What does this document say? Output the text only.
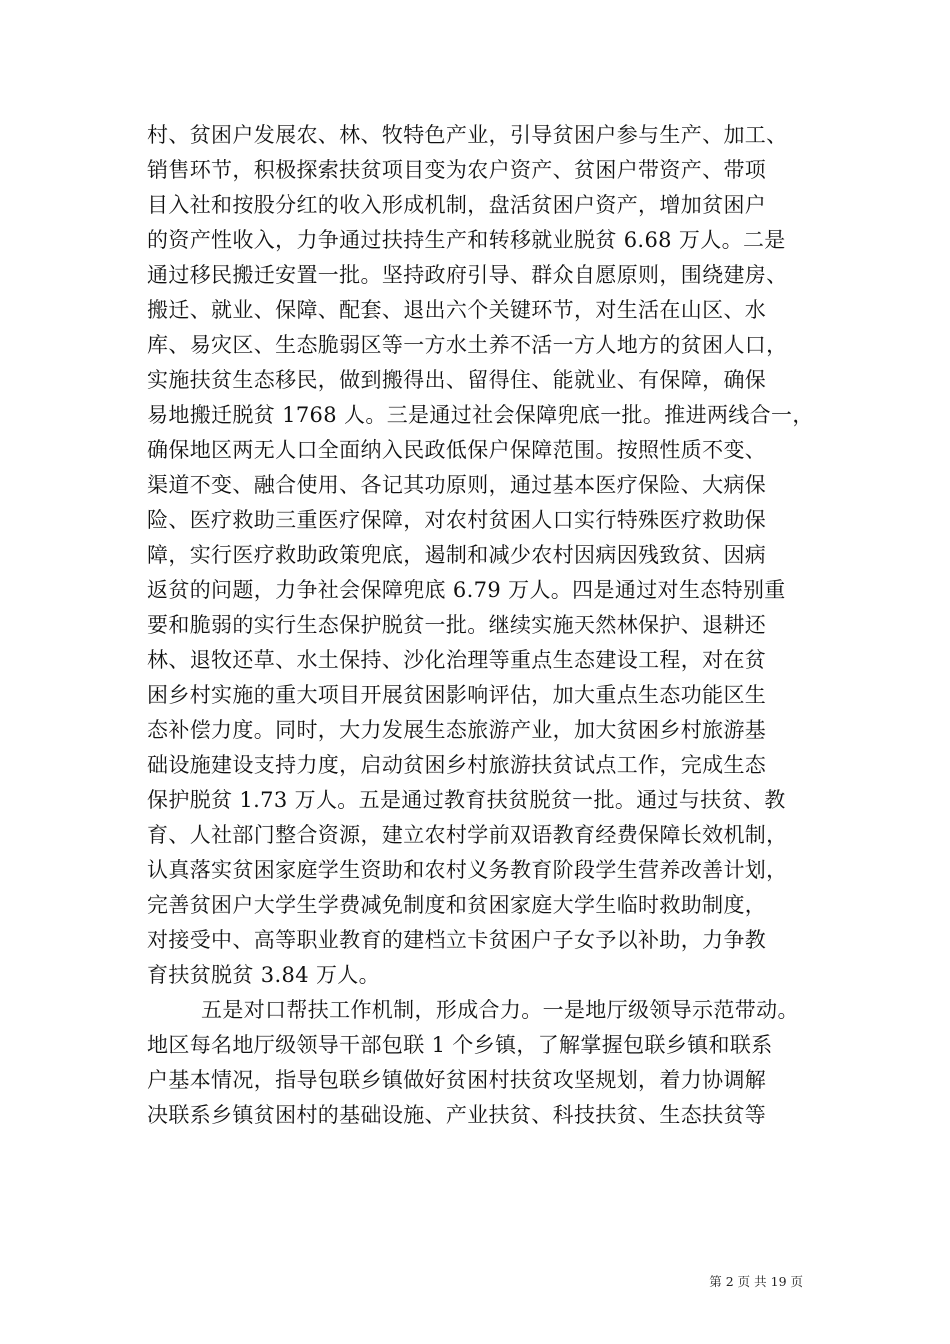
村、贫困户发展农、林、牧特色产业，引导贫困户参与生产、加工、
销售环节，积极探索扶贫项目变为农户资产、贫困户带资产、带项
目入社和按股分红的收入形成机制，盘活贫困户资产，增加贫困户
的资产性收入，力争通过扶持生产和转移就业脱贫 6.68 万人。二是
通过移民搬迁安置一批。坚持政府引导、群众自愿原则，围绕建房、
搬迁、就业、保障、配套、退出六个关键环节，对生活在山区、水
库、易灾区、生态脆弱区等一方水土养不活一方人地方的贫困人口，
实施扶贫生态移民，做到搬得出、留得住、能就业、有保障，确保
易地搬迁脱贫 1768 人。三是通过社会保障兜底一批。推进两线合一，
确保地区两无人口全面纳入民政低保户保障范围。按照性质不变、
渠道不变、融合使用、各记其功原则，通过基本医疗保险、大病保
险、医疗救助三重医疗保障，对农村贫困人口实行特殊医疗救助保
障，实行医疗救助政策兜底，遏制和减少农村因病因残致贫、因病
返贫的问题，力争社会保障兜底 6.79 万人。四是通过对生态特别重
要和脆弱的实行生态保护脱贫一批。继续实施天然林保护、退耕还
林、退牧还草、水土保持、沙化治理等重点生态建设工程，对在贫
困乡村实施的重大项目开展贫困影响评估，加大重点生态功能区生
态补偿力度。同时，大力发展生态旅游产业，加大贫困乡村旅游基
础设施建设支持力度，启动贫困乡村旅游扶贫试点工作，完成生态
保护脱贫 1.73 万人。五是通过教育扶贫脱贫一批。通过与扶贫、教
育、人社部门整合资源，建立农村学前双语教育经费保障长效机制，
认真落实贫困家庭学生资助和农村义务教育阶段学生营养改善计划，
完善贫困户大学生学费减免制度和贫困家庭大学生临时救助制度，
对接受中、高等职业教育的建档立卡贫困户子女予以补助，力争教
育扶贫脱贫 3.84 万人。
五是对口帮扶工作机制，形成合力。一是地厅级领导示范带动。
地区每名地厅级领导干部包联 1 个乡镇，了解掌握包联乡镇和联系
户基本情况，指导包联乡镇做好贫困村扶贫攻坚规划，着力协调解
决联系乡镇贫困村的基础设施、产业扶贫、科技扶贫、生态扶贫等
第 2 页 共 19 页
